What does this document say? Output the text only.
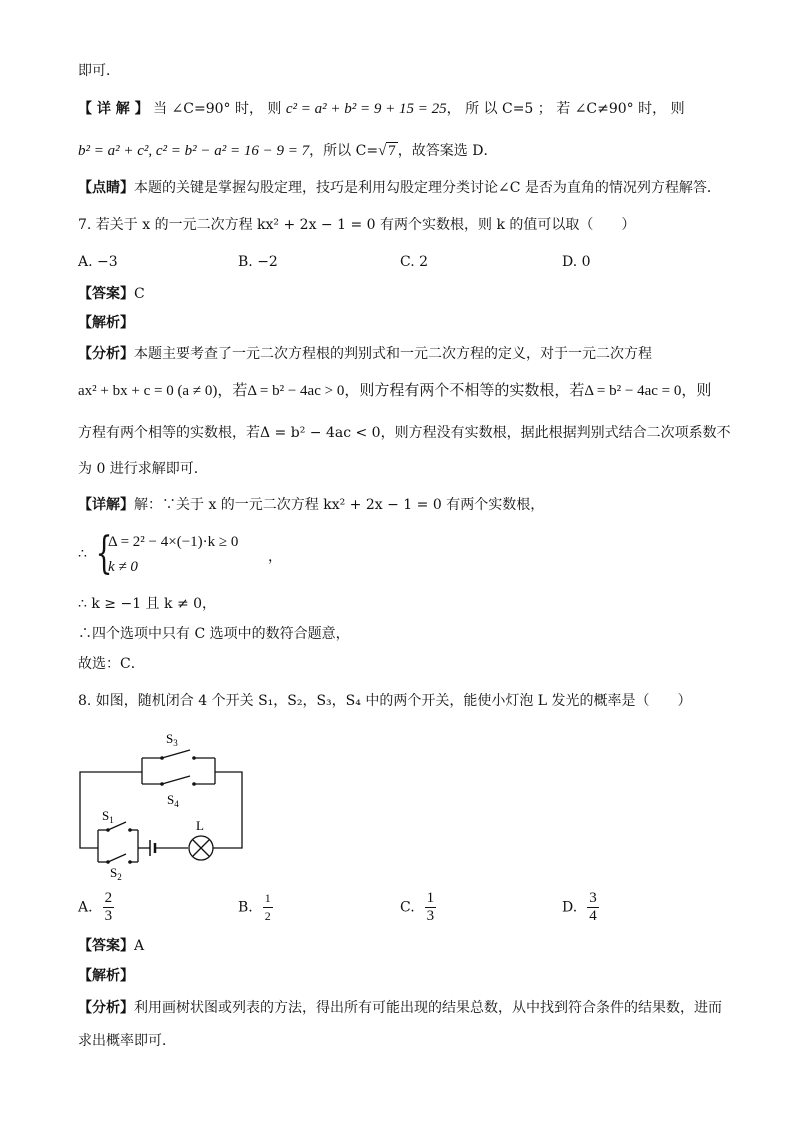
即可．
【 详 解 】 当 ∠C=90° 时， 则 c² = a² + b² = 9 + 15 = 25， 所 以 C=5 ； 若 ∠C≠90° 时， 则
b² = a² + c², c² = b² − a² = 16 − 9 = 7，所以 C=√ 7 ，故答案选 D．
【点睛】本题的关键是掌握勾股定理，技巧是利用勾股定理分类讨论∠C 是否为直角的情况列方程解答．
7. 若关于 x 的一元二次方程 kx² + 2x − 1 = 0 有两个实数根，则 k 的值可以取（　　）
A. −3	B. −2	C. 2	D. 0
【答案】C
【解析】
【分析】本题主要考查了一元二次方程根的判别式和一元二次方程的定义，对于一元二次方程
ax² + bx + c = 0 (a ≠ 0)，若Δ = b² − 4ac > 0，则方程有两个不相等的实数根，若Δ = b² − 4ac = 0，则
方程有两个相等的实数根，若Δ = b² − 4ac < 0，则方程没有实数根，据此根据判别式结合二次项系数不
为 0 进行求解即可．
【详解】解：∵关于 x 的一元二次方程 kx² + 2x − 1 = 0 有两个实数根，
∴ {
Δ = 2² − 4×(−1)·k ≥ 0
k ≠ 0
，
∴ k ≥ −1 且 k ≠ 0，
∴四个选项中只有 C 选项中的数符合题意，
故选：C．
8. 如图，随机闭合 4 个开关 S₁，S₂，S₃，S₄ 中的两个开关，能使小灯泡 L 发光的概率是（　　）
$S_3$
$S_4$
$S_1$
$S_2$
L
A. $\frac{2}{3}$	B. $\frac{1}{2}$	C. $\frac{1}{3}$	D. $\frac{3}{4}$
【答案】A
【解析】
【分析】利用画树状图或列表的方法，得出所有可能出现的结果总数，从中找到符合条件的结果数，进而
求出概率即可．
